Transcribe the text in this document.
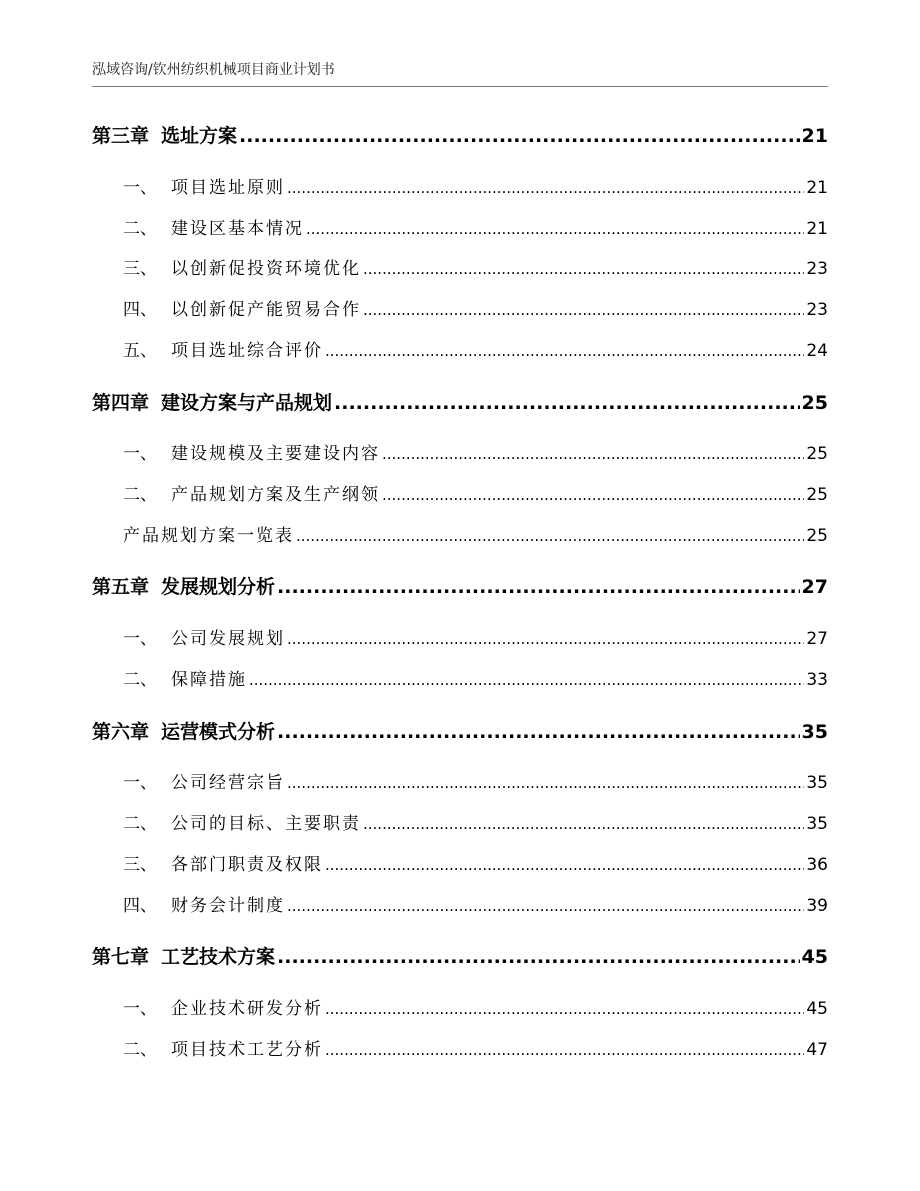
泓域咨询/钦州纺织机械项目商业计划书
第三章 选址方案 .....	21
一、 项目选址原则 .....	21
二、 建设区基本情况 .....	21
三、 以创新促投资环境优化 .....	23
四、 以创新促产能贸易合作 .....	23
五、 项目选址综合评价 .....	24
第四章 建设方案与产品规划 .....	25
一、 建设规模及主要建设内容 .....	25
二、 产品规划方案及生产纲领 .....	25
产品规划方案一览表 .....	25
第五章 发展规划分析 .....	27
一、 公司发展规划 .....	27
二、 保障措施 .....	33
第六章 运营模式分析 .....	35
一、 公司经营宗旨 .....	35
二、 公司的目标、主要职责 .....	35
三、 各部门职责及权限 .....	36
四、 财务会计制度 .....	39
第七章 工艺技术方案 .....	45
一、 企业技术研发分析 .....	45
二、 项目技术工艺分析 .....	47
